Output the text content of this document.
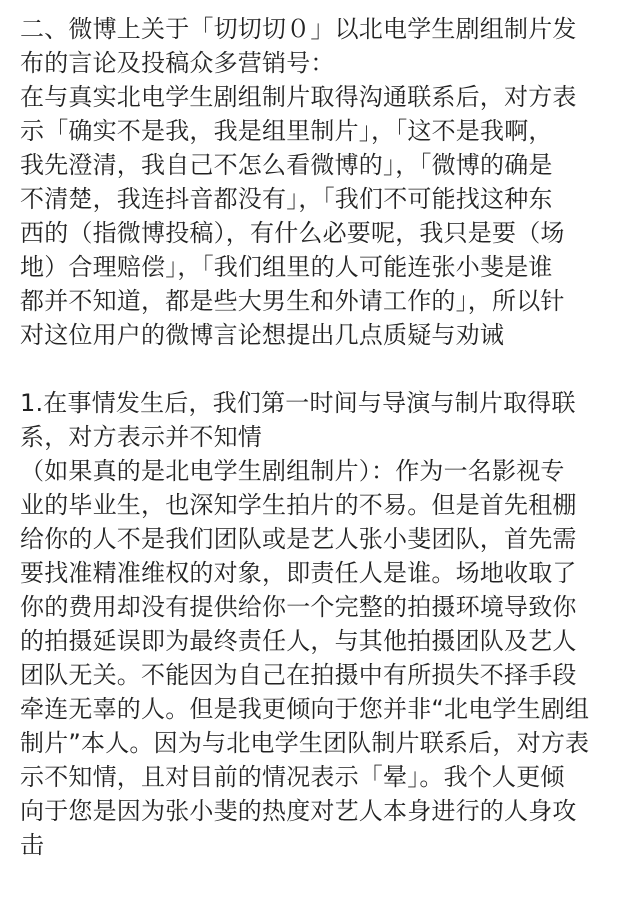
二、微博上关于「切切切０」以北电学生剧组制片发
布的言论及投稿众多营销号：
在与真实北电学生剧组制片取得沟通联系后，对方表
示「确实不是我，我是组里制片」，「这不是我啊，
我先澄清，我自己不怎么看微博的」，「微博的确是
不清楚，我连抖音都没有」，「我们不可能找这种东
西的（指微博投稿），有什么必要呢，我只是要（场
地）合理赔偿」，「我们组里的人可能连张小斐是谁
都并不知道，都是些大男生和外请工作的」，所以针
对这位用户的微博言论想提出几点质疑与劝诫
1.在事情发生后，我们第一时间与导演与制片取得联
系，对方表示并不知情
（如果真的是北电学生剧组制片）：作为一名影视专
业的毕业生，也深知学生拍片的不易。但是首先租棚
给你的人不是我们团队或是艺人张小斐团队，首先需
要找准精准维权的对象，即责任人是谁。场地收取了
你的费用却没有提供给你一个完整的拍摄环境导致你
的拍摄延误即为最终责任人，与其他拍摄团队及艺人
团队无关。不能因为自己在拍摄中有所损失不择手段
牵连无辜的人。但是我更倾向于您并非“北电学生剧组
制片”本人。因为与北电学生团队制片联系后，对方表
示不知情，且对目前的情况表示「晕」。我个人更倾
向于您是因为张小斐的热度对艺人本身进行的人身攻
击
